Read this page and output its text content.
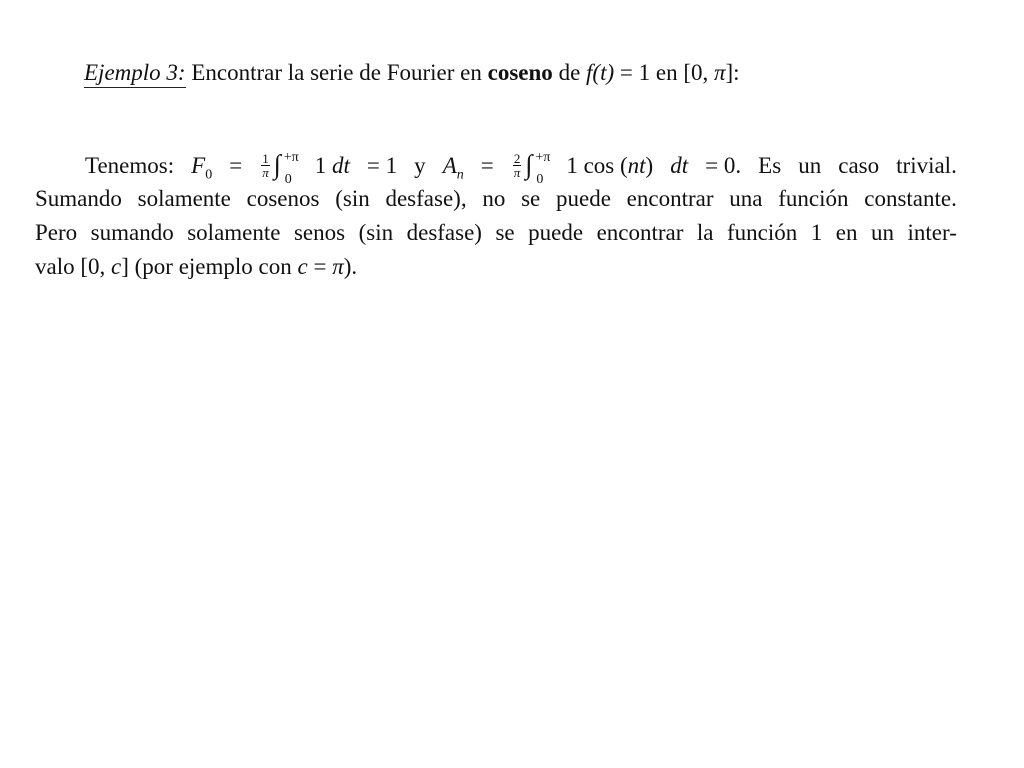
Ejemplo 3: Encontrar la serie de Fourier en coseno de f(t) = 1 en [0, π]:
Tenemos: $F_0 = \frac{1}{\pi}$ ∫ +π
0
1 dt = 1 y $A_n = \frac{2}{\pi}$ ∫ +π
0
1 cos (nt) dt = 0. Es un caso trivial.
Sumando solamente cosenos (sin desfase), no se puede encontrar una función constante.
Pero sumando solamente senos (sin desfase) se puede encontrar la función 1 en un inter-
valo [0, c] (por ejemplo con c = π).
